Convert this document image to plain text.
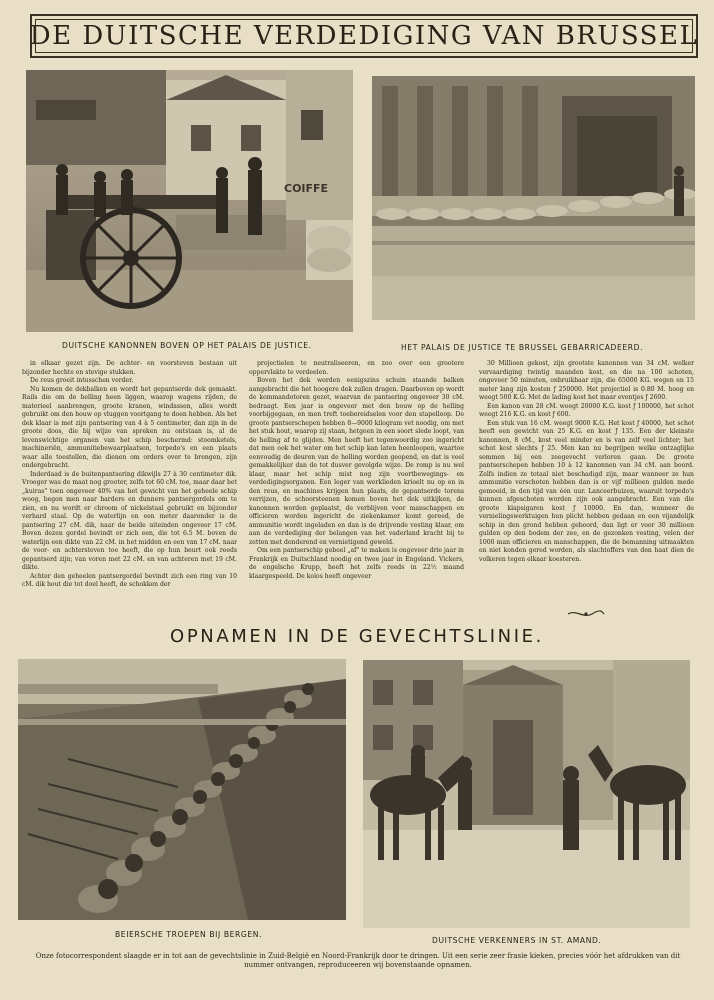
DE DUITSCHE VERDEDIGING VAN BRUSSEL
COIFFE
DUITSCHE KANONNEN BOVEN OP HET PALAIS DE JUSTICE.	HET PALAIS DE JUSTICE TE BRUSSEL GEBARRICADEERD.

in elkaar gezet zijn. De achter- en voorsteven bestaan uit bijzonder hechte en stevige stukken.

De reus groeit intusschen verder.

Nu komen de dekbalken en wordt het gepantserde dek gemaakt. Rails die om de helling heen liggen, waarop wagens rijden, de materieel aanbrengen, groote kranen, windassen, alles wordt gebruikt om den bouw op vluggen voortgang te doen hebben. Als het dek klaar is met zijn pantsering van 4 à 5 centimeter, dan zijn in de groote doos, die bij wijze van spreken nu ontstaan is, al de levenswichtige organen van het schip beschermd: stoomketels, machineriën, ammunitiebewaarplaatsen, torpedo's en een plaats waar alle toestellen, die dienen om orders over te brengen, zijn ondergebracht.

Inderdaad is de buitenpantsering dikwijls 27 à 30 centimeter dik. Vroeger was de maat nog grooter, zelfs tot 60 cM. toe, maar daar het „kuiras" toen ongeveer 40% van het gewicht van het geheele schip woog, begon men naar hardere en dunnere pantsergordels om te zien, en nu wordt er chroom of nickelstaal gebruikt en bijzonder verhard staal. Op de waterlijn en een meter daaronder is de pantsering 27 cM. dik, naar de beide uiteinden ongeveer 17 cM. Boven dezen gordel bevindt er zich een, die tot 6.5 M. boven de waterlijn een dikte van 22 cM. in het midden en een van 17 cM. naar de voor- en achtersteven toe heeft, die op hun beurt ook reeds gepantserd zijn; van voren met 22 cM. en van achteren met 19 cM. dikte.

Achter den geheelen pantsergordel bevindt zich een ring van 10 cM. dik hout die tot doel heeft, de schokken der

projectielen te neutraliseeren, en zoo over een grootere oppervlakte te verdeelen.

Boven het dek worden eenigszins schuin staande balken aangebracht die het hoogere dek zullen dragen. Daarboven op wordt de kommandotoren gezet, waarvan de pantsering ongeveer 30 cM. bedraagt. Een jaar is ongeveer met den bouw op de helling voorbijgegaan, en men treft toebereidselen voor den stapelloop. De groote pantserschepen hebben 8—9000 kilogram vet noodig, om met het stuk hout, waarop zij staan, hetgeen in een soort slede loopt, van de helling af te glijden. Men heeft het tegenwoordig zoo ingericht dat men ook het water om het schip kan laten heenloopen, waartoe eenvoudig de deuren van de helling worden geopend, en dat is veel gemakkelijker dan de tot dusver gevolgde wijze. De romp is nu wel klaar, maar het schip mist nog zijn voortbewegings- en verdedigingsorganen. Een leger van werklieden krioelt nu op en in den reus, en machines krijgen hun plaats, de gepantserde torens verrijzen, de schoorsteenen komen boven het dek uitkijken, de kanonnen worden geplaatst, de verblijven voor manschappen en officieren worden ingericht de ziekenkamer komt gereed, de ammunitie wordt ingeladen en dan is de drijvende vesting klaar, om aan de verdediging der belangen van het vaderland kracht bij te zetten met donderend en vernietigend geweld.

Om een pantserschip gebeel „af" te maken is ongeveer drie jaar in Frankrijk en Duitschland noodig en twee jaar in Engeland. Vickers, de engelsche Krupp, heeft het zelfs reeds in 22½ maand klaargespeeld. De kolos heeft ongeveer

30 Millioen gekost, zijn grootste kanonnen van 34 cM. welker vervaardiging twintig maanden kost, en die na 100 schoten, ongeveer 50 minuten, onbruikbaar zijn, die 65000 KG. wegen en 15 meter lang zijn kosten ƒ 250000. Het projectiel is 0.80 M. hoog en weegt 500 K.G. Met de lading kost het maar eventjes ƒ 2600.

Een kanon van 28 cM. weegt 20000 K.G. kost ƒ 100000, het schot weegt 216 K.G. en kost ƒ 600.

Een stuk van 16 cM. weegt 9000 K.G. Het kost ƒ 40000, het schot heeft een gewicht van 25 K.G. en kost ƒ 135. Een der kleinste kanonnen, 8 cM., kost veel minder en is van zelf veel lichter; het schot kost slechts ƒ 25. Men kan nu begrijpen welke ontzaglijke sommen bij een zeegevecht verloren gaan. De groote pantserschepen hebben 10 à 12 kanonnen van 34 cM. aan boord. Zelfs indien ze totaal niet beschadigd zijn, maar wanneer ze hun ammunitie verschoten hebben dan is er vijf millioen gulden mede gemoeid, in den tijd van één uur. Lancеerbuizen, waaruit torpedo's kunnen afgeschoten worden zijn ook aangebracht. Een van die groote klapsigaren kost ƒ 10000. En dan, wanneer de vernielingswerktuigen hun plicht hebben gedaan en een vijandelijk schip in den grond hebben geboord, dan ligt er voor 30 millioen gulden op den bodem der zee, en de gezonken vesting, velen der 1000 man officieren en manschappen, die de bemanning uitmaakten en niet konden gered worden, als slachtoffers van den haat dien de volkeren tegen elkaar koesteren.

OPNAMEN IN DE GEVECHTSLINIE.
BEIERSCHE TROEPEN BIJ BERGEN.
DUITSCHE VERKENNERS IN ST. AMAND.
Onze fotocorrespondent slaagde er in tot aan de gevechtslinie in Zuid-België en Noord-Frankrijk door te dringen. Uit een serie zeer frasie kieken, precies vóór het afdrukken van dit nummer ontvangen, reproduceeren wij bovenstaande opnamen.
